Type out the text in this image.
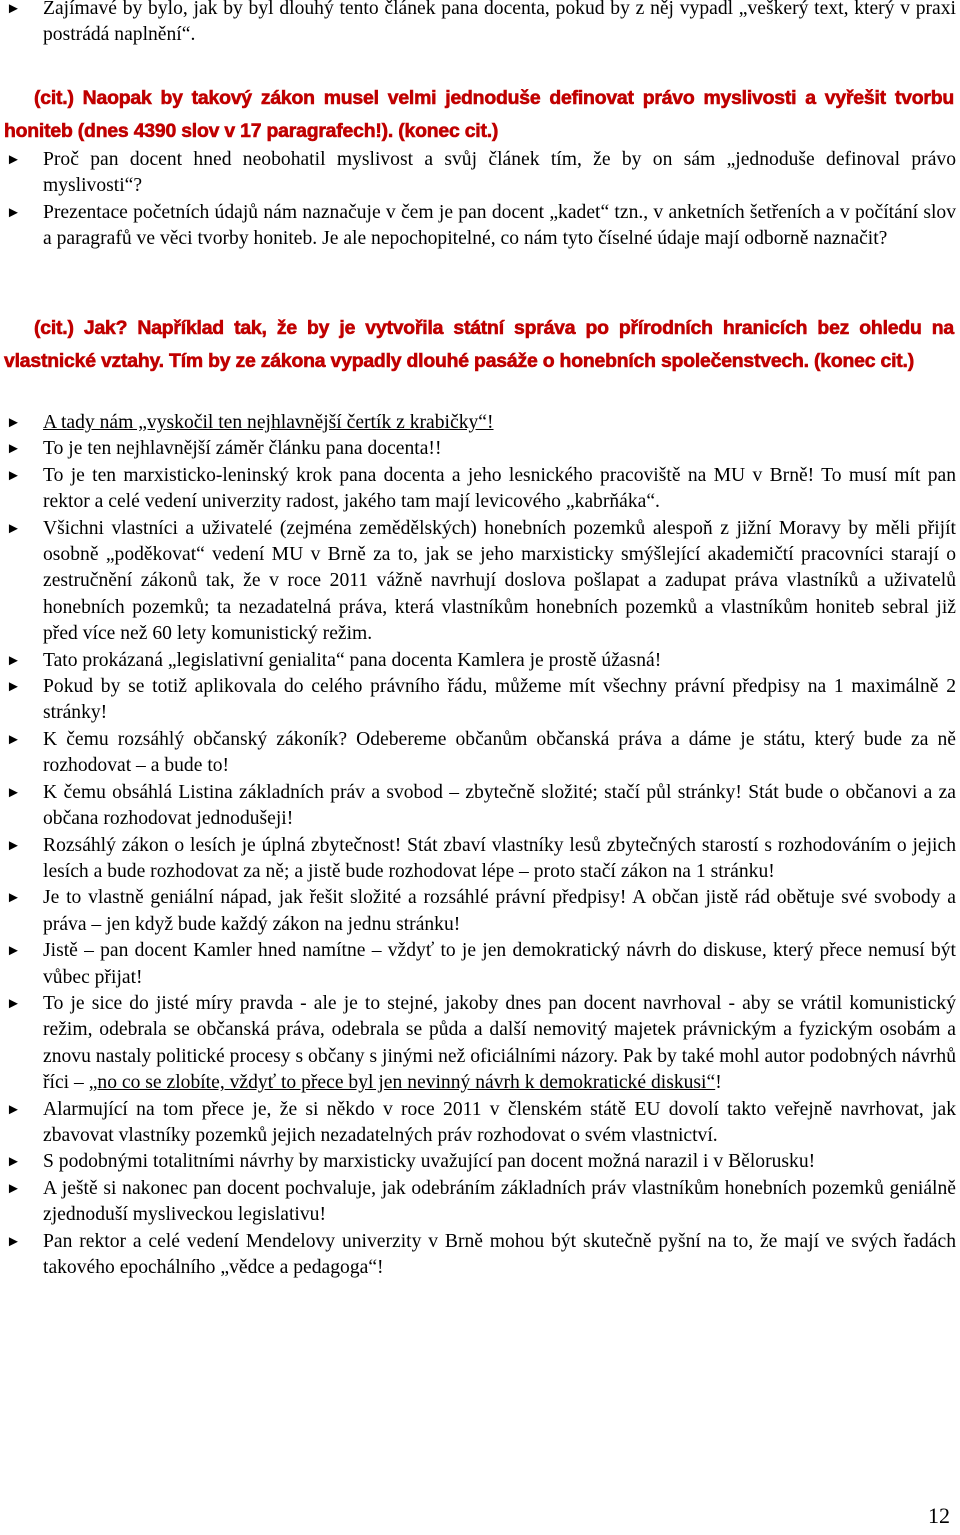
► Zajímavé by bylo, jak by byl dlouhý tento článek pana docenta, pokud by z něj vypadl „veškerý text, který v praxi postrádá naplnění“.
(cit.) Naopak by takový zákon musel velmi jednoduše definovat právo myslivosti a vyřešit tvorbu honiteb (dnes 4390 slov v 17 paragrafech!). (konec cit.)
► Proč pan docent hned neobohatil myslivost a svůj článek tím, že by on sám „jednoduše definoval právo myslivosti“?
► Prezentace početních údajů nám naznačuje v čem je pan docent „kadet“ tzn., v anketních šetřeních a v počítání slov a paragrafů ve věci tvorby honiteb. Je ale nepochopitelné, co nám tyto číselné údaje mají odborně naznačit?
(cit.) Jak? Například tak, že by je vytvořila státní správa po přírodních hranicích bez ohledu na vlastnické vztahy. Tím by ze zákona vypadly dlouhé pasáže o honebních společenstvech. (konec cit.)
► A tady nám „vyskočil ten nejhlavnější čertík z krabičky“!
► To je ten nejhlavnější záměr článku pana docenta!!
► To je ten marxisticko-leninský krok pana docenta a jeho lesnického pracoviště na MU v Brně! To musí mít pan rektor a celé vedení univerzity radost, jakého tam mají levicového „kabrňáka“.
► Všichni vlastníci a uživatelé (zejména zemědělských) honebních pozemků alespoň z jižní Moravy by měli přijít osobně „poděkovat“ vedení MU v Brně za to, jak se jeho marxisticky smýšlející akademičtí pracovníci starají o zestručnění zákonů tak, že v roce 2011 vážně navrhují doslova pošlapat a zadupat práva vlastníků a uživatelů honebních pozemků; ta nezadatelná práva, která vlastníkům honebních pozemků a vlastníkům honiteb sebral již před více než 60 lety komunistický režim.
► Tato prokázaná „legislativní genialita“ pana docenta Kamlera je prostě úžasná!
► Pokud by se totiž aplikovala do celého právního řádu, můžeme mít všechny právní předpisy na 1 maximálně 2 stránky!
► K čemu rozsáhlý občanský zákoník? Odebereme občanům občanská práva a dáme je státu, který bude za ně rozhodovat – a bude to!
► K čemu obsáhlá Listina základních práv a svobod – zbytečně složité; stačí půl stránky! Stát bude o občanovi a za občana rozhodovat jednodušeji!
► Rozsáhlý zákon o lesích je úplná zbytečnost! Stát zbaví vlastníky lesů zbytečných starostí s rozhodováním o jejich lesích a bude rozhodovat za ně; a jistě bude rozhodovat lépe – proto stačí zákon na 1 stránku!
► Je to vlastně geniální nápad, jak řešit složité a rozsáhlé právní předpisy! A občan jistě rád obětuje své svobody a práva – jen když bude každý zákon na jednu stránku!
► Jistě – pan docent Kamler hned namítne – vždyť to je jen demokratický návrh do diskuse, který přece nemusí být vůbec přijat!
► To je sice do jisté míry pravda - ale je to stejné, jakoby dnes pan docent navrhoval - aby se vrátil komunistický režim, odebrala se občanská práva, odebrala se půda a další nemovitý majetek právnickým a fyzickým osobám a znovu nastaly politické procesy s občany s jinými než oficiálními názory. Pak by také mohl autor podobných návrhů říci – „no co se zlobíte, vždyť to přece byl jen nevinný návrh k demokratické diskusi“!
► Alarmující na tom přece je, že si někdo v roce 2011 v členském státě EU dovolí takto veřejně navrhovat, jak zbavovat vlastníky pozemků jejich nezadatelných práv rozhodovat o svém vlastnictví.
► S podobnými totalitními návrhy by marxisticky uvažující pan docent možná narazil i v Bělorusku!
► A ještě si nakonec pan docent pochvaluje, jak odebráním základních práv vlastníkům honebních pozemků geniálně zjednoduší mysliveckou legislativu!
► Pan rektor a celé vedení Mendelovy univerzity v Brně mohou být skutečně pyšní na to, že mají ve svých řadách takového epochálního „vědce a pedagoga“!
12
